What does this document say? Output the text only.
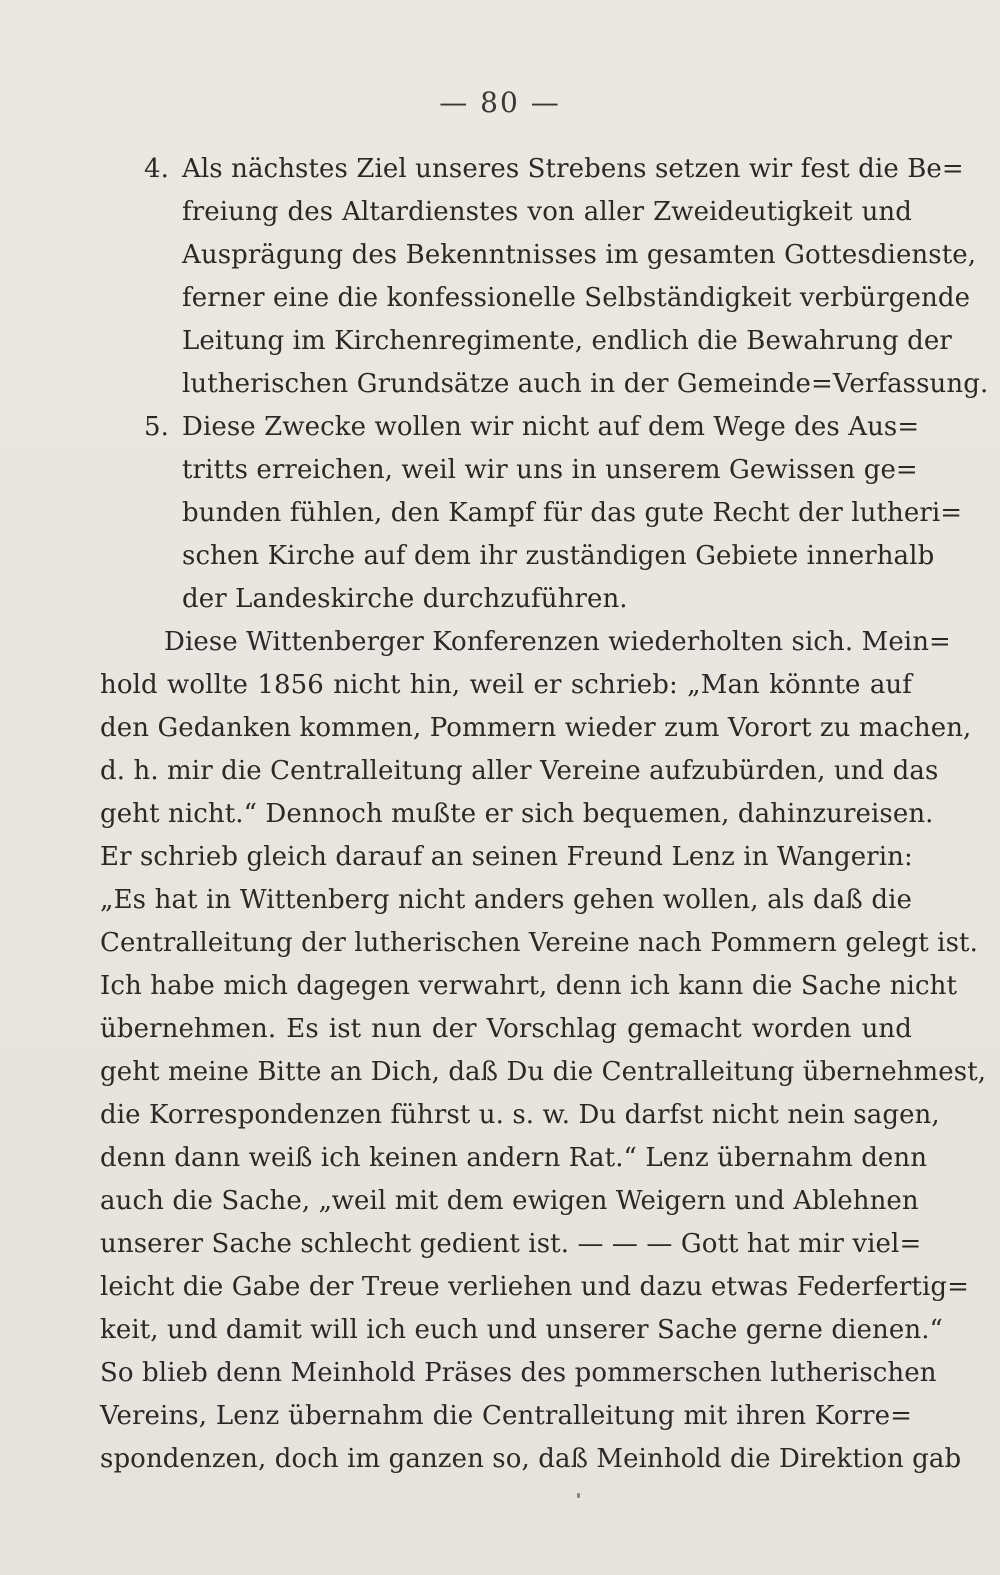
— 80 —
4. Als nächstes Ziel unseres Strebens setzen wir fest die Be=
freiung des Altardienstes von aller Zweideutigkeit und
Ausprägung des Bekenntnisses im gesamten Gottesdienste,
ferner eine die konfessionelle Selbständigkeit verbürgende
Leitung im Kirchenregimente, endlich die Bewahrung der
lutherischen Grundsätze auch in der Gemeinde=Verfassung.
5. Diese Zwecke wollen wir nicht auf dem Wege des Aus=
tritts erreichen, weil wir uns in unserem Gewissen ge=
bunden fühlen, den Kampf für das gute Recht der lutheri=
schen Kirche auf dem ihr zuständigen Gebiete innerhalb
der Landeskirche durchzuführen.
Diese Wittenberger Konferenzen wiederholten sich. Mein=
hold wollte 1856 nicht hin, weil er schrieb: „Man könnte auf
den Gedanken kommen, Pommern wieder zum Vorort zu machen,
d. h. mir die Centralleitung aller Vereine aufzubürden, und das
geht nicht.“ Dennoch mußte er sich bequemen, dahinzureisen.
Er schrieb gleich darauf an seinen Freund Lenz in Wangerin:
„Es hat in Wittenberg nicht anders gehen wollen, als daß die
Centralleitung der lutherischen Vereine nach Pommern gelegt ist.
Ich habe mich dagegen verwahrt, denn ich kann die Sache nicht
übernehmen. Es ist nun der Vorschlag gemacht worden und
geht meine Bitte an Dich, daß Du die Centralleitung übernehmest,
die Korrespondenzen führst u. s. w. Du darfst nicht nein sagen,
denn dann weiß ich keinen andern Rat.“ Lenz übernahm denn
auch die Sache, „weil mit dem ewigen Weigern und Ablehnen
unserer Sache schlecht gedient ist. — — — Gott hat mir viel=
leicht die Gabe der Treue verliehen und dazu etwas Federfertig=
keit, und damit will ich euch und unserer Sache gerne dienen.“
So blieb denn Meinhold Präses des pommerschen lutherischen
Vereins, Lenz übernahm die Centralleitung mit ihren Korre=
spondenzen, doch im ganzen so, daß Meinhold die Direktion gab
